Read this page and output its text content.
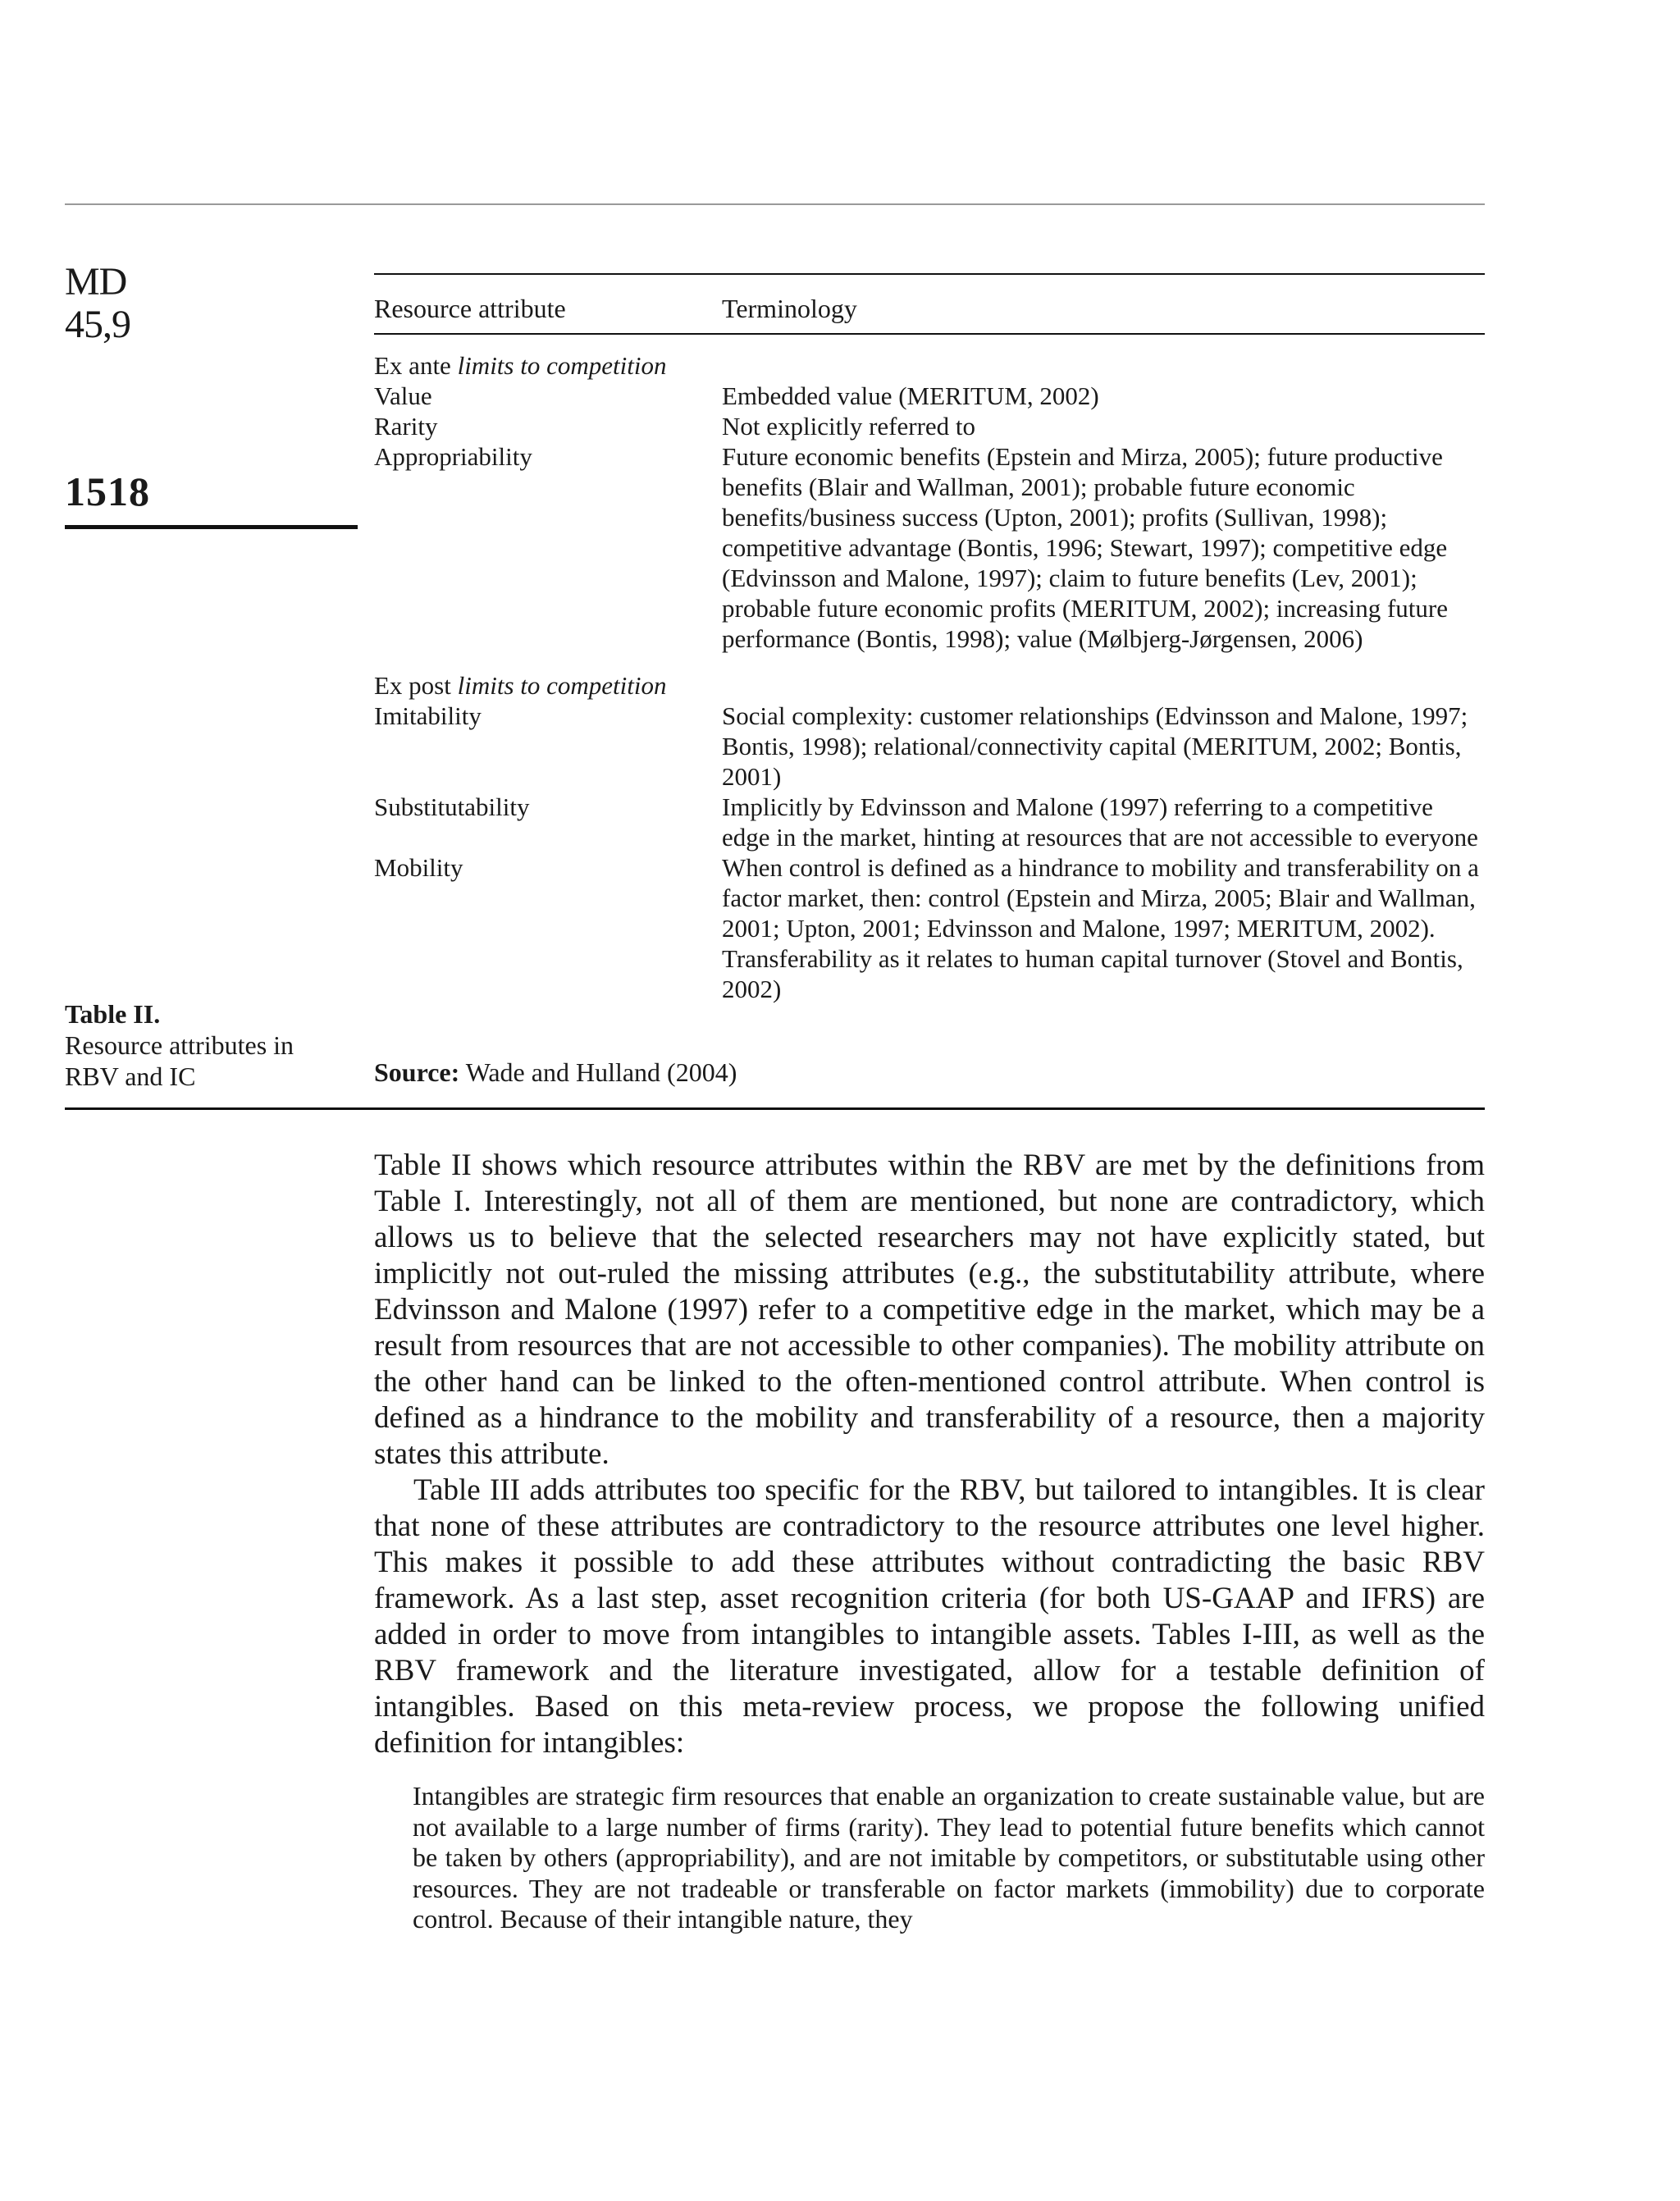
MD
45,9
1518
Table II.
Resource attributes in
RBV and IC
Resource attribute	Terminology
Ex ante limits to competition
Value	Embedded value (MERITUM, 2002)
Rarity	Not explicitly referred to
Appropriability	Future economic benefits (Epstein and Mirza, 2005); future productive benefits (Blair and Wallman, 2001); probable future economic benefits/business success (Upton, 2001); profits (Sullivan, 1998); competitive advantage (Bontis, 1996; Stewart, 1997); competitive edge (Edvinsson and Malone, 1997); claim to future benefits (Lev, 2001); probable future economic profits (MERITUM, 2002); increasing future performance (Bontis, 1998); value (Mølbjerg-Jørgensen, 2006)
Ex post limits to competition
Imitability	Social complexity: customer relationships (Edvinsson and Malone, 1997; Bontis, 1998); relational/connectivity capital (MERITUM, 2002; Bontis, 2001)
Substitutability	Implicitly by Edvinsson and Malone (1997) referring to a competitive edge in the market, hinting at resources that are not accessible to everyone
Mobility	When control is defined as a hindrance to mobility and transferability on a factor market, then: control (Epstein and Mirza, 2005; Blair and Wallman, 2001; Upton, 2001; Edvinsson and Malone, 1997; MERITUM, 2002). Transferability as it relates to human capital turnover (Stovel and Bontis, 2002)
Source: Wade and Hulland (2004)

Table II shows which resource attributes within the RBV are met by the definitions from Table I. Interestingly, not all of them are mentioned, but none are contradictory, which allows us to believe that the selected researchers may not have explicitly stated, but implicitly not out-ruled the missing attributes (e.g., the substitutability attribute, where Edvinsson and Malone (1997) refer to a competitive edge in the market, which may be a result from resources that are not accessible to other companies). The mobility attribute on the other hand can be linked to the often-mentioned control attribute. When control is defined as a hindrance to the mobility and transferability of a resource, then a majority states this attribute.

Table III adds attributes too specific for the RBV, but tailored to intangibles. It is clear that none of these attributes are contradictory to the resource attributes one level higher. This makes it possible to add these attributes without contradicting the basic RBV framework. As a last step, asset recognition criteria (for both US-GAAP and IFRS) are added in order to move from intangibles to intangible assets. Tables I-III, as well as the RBV framework and the literature investigated, allow for a testable definition of intangibles. Based on this meta-review process, we propose the following unified definition for intangibles:

Intangibles are strategic firm resources that enable an organization to create sustainable value, but are not available to a large number of firms (rarity). They lead to potential future benefits which cannot be taken by others (appropriability), and are not imitable by competitors, or substitutable using other resources. They are not tradeable or transferable on factor markets (immobility) due to corporate control. Because of their intangible nature, they
